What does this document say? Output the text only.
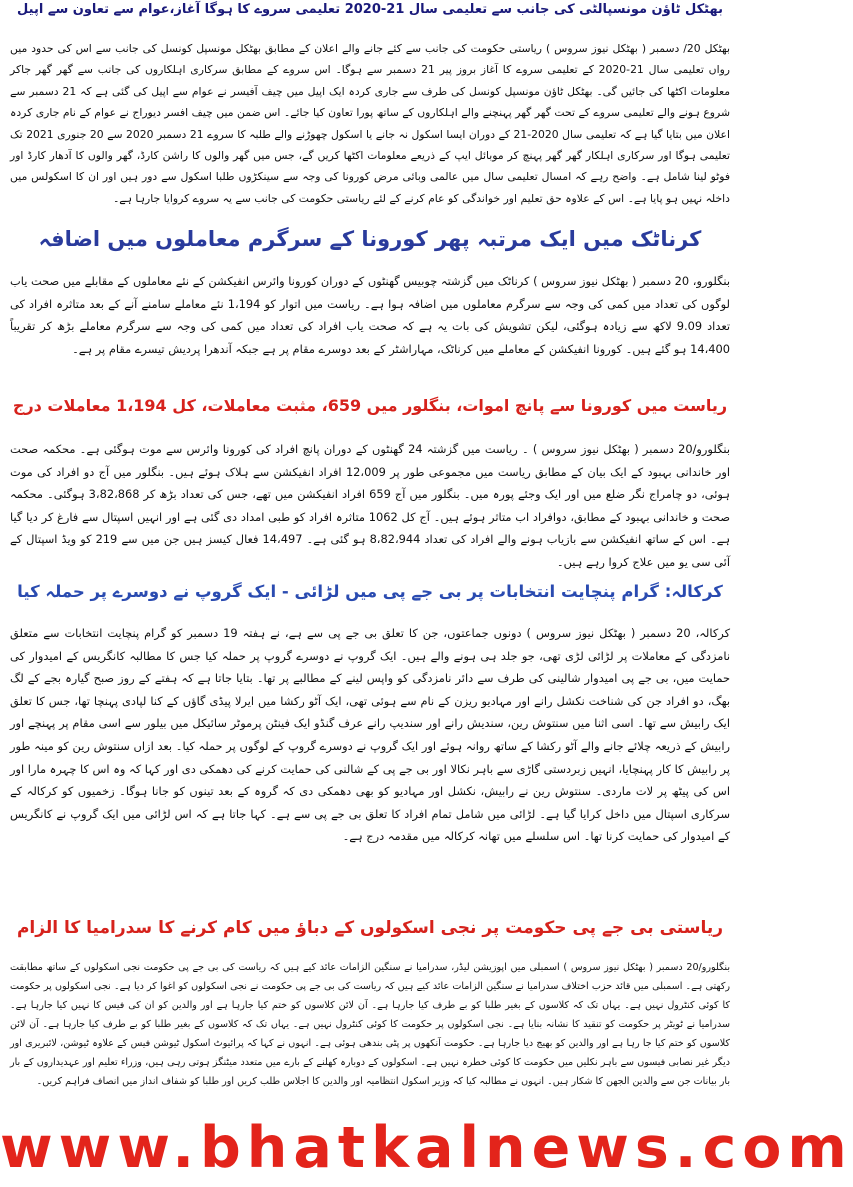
بھٹکل ٹاؤن مونسپالٹی کی جانب سے تعلیمی سال 21-2020 تعلیمی سروے کا ہوگا آغاز،عوام سے تعاون سے اپیل

بھٹکل 20/ دسمبر ( بھٹکل نیوز سروس ) ریاستی حکومت کی جانب سے کئے جانے والے اعلان کے مطابق بھٹکل مونسپل کونسل کی جانب سے اس کی حدود میں رواں تعلیمی سال 21-2020 کے تعلیمی سروے کا آغاز بروز پیر 21 دسمبر سے ہوگا۔ اس سروے کے مطابق سرکاری اہلکاروں کی جانب سے گھر گھر جاکر معلومات اکٹھا کی جائیں گی۔ بھٹکل ٹاؤن مونسپل کونسل کی طرف سے جاری کردہ ایک اپیل میں چیف آفیسر نے عوام سے اپیل کی گئی ہے کہ 21 دسمبر سے شروع ہونے والے تعلیمی سروے کے تحت گھر گھر پہنچنے والے اہلکاروں کے ساتھ پورا تعاون کیا جائے۔ اس ضمن میں چیف افسر دیوراج نے عوام کے نام جاری کردہ اعلان میں بتایا گیا ہے کہ تعلیمی سال 2020-21 کے دوران ایسا اسکول نہ جانے یا اسکول چھوڑنے والے طلبہ کا سروے 21 دسمبر 2020 سے 20 جنوری 2021 تک تعلیمی ہوگا اور سرکاری اہلکار گھر گھر پہنچ کر موبائل ایپ کے ذریعے معلومات اکٹھا کریں گے، جس میں گھر والوں کا راشن کارڈ، گھر والوں کا آدھار کارڈ اور فوٹو لینا شامل ہے۔ واضح رہے کہ امسال تعلیمی سال میں عالمی وبائی مرض کورونا کی وجہ سے سینکڑوں طلبا اسکول سے دور ہیں اور ان کا اسکولس میں داخلہ نہیں ہو پایا ہے۔ اس کے علاوہ حق تعلیم اور خواندگی کو عام کرنے کے لئے ریاستی حکومت کی جانب سے یہ سروے کروایا جارہا ہے۔

کرناٹک میں ایک مرتبہ پھر کورونا کے سرگرم معاملوں میں اضافہ

بنگلورو، 20 دسمبر ( بھٹکل نیوز سروس ) کرناٹک میں گزشتہ چوبیس گھنٹوں کے دوران کورونا وائرس انفیکشن کے نئے معاملوں کے مقابلے میں صحت یاب لوگوں کی تعداد میں کمی کی وجہ سے سرگرم معاملوں میں اضافہ ہوا ہے۔ ریاست میں اتوار کو 1،194 نئے معاملے سامنے آنے کے بعد متاثرہ افراد کی تعداد 9.09 لاکھ سے زیادہ ہوگئی، لیکن تشویش کی بات یہ ہے کہ صحت یاب افراد کی تعداد میں کمی کی وجہ سے سرگرم معاملے بڑھ کر تقریباً 14،400 ہو گئے ہیں۔ کورونا انفیکشن کے معاملے میں کرناٹک، مہاراشٹر کے بعد دوسرے مقام پر ہے جبکہ آندھرا پردیش تیسرے مقام پر ہے۔

ریاست میں کورونا سے پانچ اموات، بنگلور میں 659، مثبت معاملات، کل 1،194 معاملات درج

بنگلورو/20 دسمبر ( بھٹکل نیوز سروس ) ۔ ریاست میں گزشتہ 24 گھنٹوں کے دوران پانچ افراد کی کورونا وائرس سے موت ہوگئی ہے۔ محکمہ صحت اور خاندانی بہبود کے ایک بیان کے مطابق ریاست میں مجموعی طور پر 12،009 افراد انفیکشن سے ہلاک ہوئے ہیں۔ بنگلور میں آج دو افراد کی موت ہوئی، دو چامراج نگر ضلع میں اور ایک وجئے پورہ میں۔ بنگلور میں آج 659 افراد انفیکشن میں تھے، جس کی تعداد بڑھ کر 3،82،868 ہوگئی۔ محکمہ صحت و خاندانی بہبود کے مطابق، دوافراد اب متاثر ہوئے ہیں۔ آج کل 1062 متاثرہ افراد کو طبی امداد دی گئی ہے اور انہیں اسپتال سے فارغ کر دیا گیا ہے۔ اس کے ساتھ انفیکشن سے بازیاب ہونے والے افراد کی تعداد 8،82،944 ہو گئی ہے۔ 14،497 فعال کیسز ہیں جن میں سے 219 کو ویڈ اسپتال کے آئی سی یو میں علاج کروا رہے ہیں۔

کرکالہ: گرام پنچایت انتخابات پر بی جے پی میں لڑائی - ایک گروپ نے دوسرے پر حملہ کیا

کرکالہ، 20 دسمبر ( بھٹکل نیوز سروس ) دونوں جماعتوں، جن کا تعلق بی جے پی سے ہے، نے ہفتہ 19 دسمبر کو گرام پنچایت انتخابات سے متعلق نامزدگی کے معاملات پر لڑائی لڑی تھی، جو جلد ہی ہونے والے ہیں۔ ایک گروپ نے دوسرے گروپ پر حملہ کیا جس کا مطالبہ کانگریس کے امیدوار کی حمایت میں، بی جے پی امیدوار شالینی کی طرف سے دائر نامزدگی کو واپس لینے کے مطالبے پر تھا۔ بتایا جاتا ہے کہ ہفتے کے روز صبح گیارہ بجے کے لگ بھگ، دو افراد جن کی شناخت نکشل رانے اور مہادیو ریزن کے نام سے ہوئی تھی، ایک آٹو رکشا میں ایرلا پیڈی گاؤں کے کنا لپادی پہنچا تھا، جس کا تعلق ایک رابیش سے تھا۔ اسی اثنا میں سنتوش رین، سندیش رانے اور سندیپ رانے عرف گنڈو ایک فینٹن پرموٹر سائیکل میں بیلور سے اسی مقام پر پہنچے اور رابیش کے ذریعہ چلائے جانے والے آٹو رکشا کے ساتھ روانہ ہوئے اور ایک گروپ نے دوسرے گروپ کے لوگوں پر حملہ کیا۔ بعد ازاں سنتوش رین کو مینہ طور پر رابیش کا کار پہنچایا، انہیں زبردستی گاڑی سے باہر نکالا اور بی جے پی کے شالنی کی حمایت کرنے کی دھمکی دی اور کہا کہ وہ اس کا چہرہ مارا اور اس کی پیٹھ پر لات ماردی۔ سنتوش رین نے رابیش، نکشل اور مہادیو کو بھی دھمکی دی کہ گروہ کے بعد تینوں کو جانا ہوگا۔ زخمیوں کو کرکالہ کے سرکاری اسپتال میں داخل کرایا گیا ہے۔ لڑائی میں شامل تمام افراد کا تعلق بی جے پی سے ہے۔ کہا جاتا ہے کہ اس لڑائی میں ایک گروپ نے کانگریس کے امیدوار کی حمایت کرنا تھا۔ اس سلسلے میں تھانہ کرکالہ میں مقدمہ درج ہے۔

ریاستی بی جے پی حکومت پر نجی اسکولوں کے دباؤ میں کام کرنے کا سدرامیا کا الزام

بنگلورو/20 دسمبر ( بھٹکل نیوز سروس ) اسمبلی میں اپوزیشن لیڈر، سدرامیا نے سنگین الزامات عائد کیے ہیں کہ ریاست کی بی جے پی حکومت نجی اسکولوں کے ساتھ مطابقت رکھتی ہے۔ اسمبلی میں قائد حزب اختلاف سدرامیا نے سنگین الزامات عائد کیے ہیں کہ ریاست کی بی جے پی حکومت نے نجی اسکولوں کو اغوا کر دیا ہے۔ نجی اسکولوں پر حکومت کا کوئی کنٹرول نہیں ہے۔ یہاں تک کہ کلاسوں کے بغیر طلبا کو بے طرف کیا جارہا ہے۔ آن لائن کلاسوں کو ختم کیا جارہا ہے اور والدین کو ان کی فیس کا نہیں کیا جارہا ہے۔ سدرامیا نے ٹویٹر پر حکومت کو تنقید کا نشانہ بنایا ہے۔ نجی اسکولوں پر حکومت کا کوئی کنٹرول نہیں ہے۔ یہاں تک کہ کلاسوں کے بغیر طلبا کو بے طرف کیا جارہا ہے۔ آن لائن کلاسوں کو ختم کیا جا رہا ہے اور والدین کو بھیج دیا جارہا ہے۔ حکومت آنکھوں پر پٹی بندھی ہوئی ہے۔ انہوں نے کہا کہ پرائیوٹ اسکول ٹیوشن فیس کے علاوہ ٹیوشن، لائبریری اور دیگر غیر نصابی فیسوں سے باہر نکلیں میں حکومت کا کوئی خطرہ نہیں ہے۔ اسکولوں کے دوبارہ کھلنے کے بارے میں متعدد میٹنگز ہوتی رہی ہیں، وزراء تعلیم اور عہدیداروں کے بار بار بیانات جن سے والدین الجھن کا شکار ہیں۔ انہوں نے مطالبہ کیا کہ وزیر اسکول انتظامیہ اور والدین کا اجلاس طلب کریں اور طلبا کو شفاف انداز میں انصاف فراہم کریں۔

www.bhatkalnews.com
